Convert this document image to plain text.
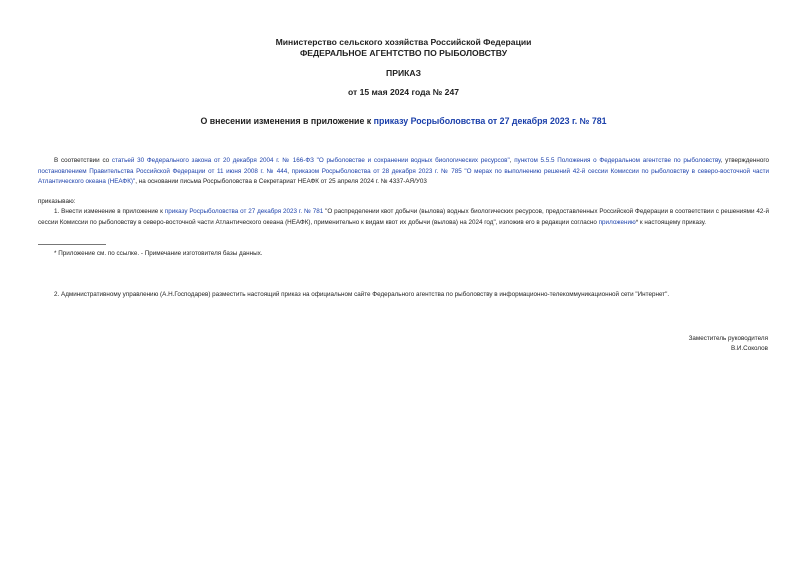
Министерство сельского хозяйства Российской Федерации
ФЕДЕРАЛЬНОЕ АГЕНТСТВО ПО РЫБОЛОВСТВУ
ПРИКАЗ
от 15 мая 2024 года № 247
О внесении изменения в приложение к приказу Росрыболовства от 27 декабря 2023 г. № 781
В соответствии со статьей 30 Федерального закона от 20 декабря 2004 г. № 166-ФЗ "О рыболовстве и сохранении водных биологических ресурсов", пунктом 5.5.5 Положения о Федеральном агентстве по рыболовству, утвержденного постановлением Правительства Российской Федерации от 11 июня 2008 г. № 444, приказом Росрыболовства от 28 декабря 2023 г. № 785 "О мерах по выполнению решений 42-й сессии Комиссии по рыболовству в северо-восточной части Атлантического океана (НЕАФК)", на основании письма Росрыболовства в Секретариат НЕАФК от 25 апреля 2024 г. № 4337-АЯ/У03
приказываю:
1. Внести изменение в приложение к приказу Росрыболовства от 27 декабря 2023 г. № 781 "О распределении квот добычи (вылова) водных биологических ресурсов, предоставленных Российской Федерации в соответствии с решениями 42-й сессии Комиссии по рыболовству в северо-восточной части Атлантического океана (НЕАФК), применительно к видам квот их добычи (вылова) на 2024 год", изложив его в редакции согласно приложению* к настоящему приказу.
* Приложение см. по ссылке. - Примечание изготовителя базы данных.
2. Административному управлению (А.Н.Господарев) разместить настоящий приказ на официальном сайте Федерального агентства по рыболовству в информационно-телекоммуникационной сети "Интернет".
Заместитель руководителя
В.И.Соколов
